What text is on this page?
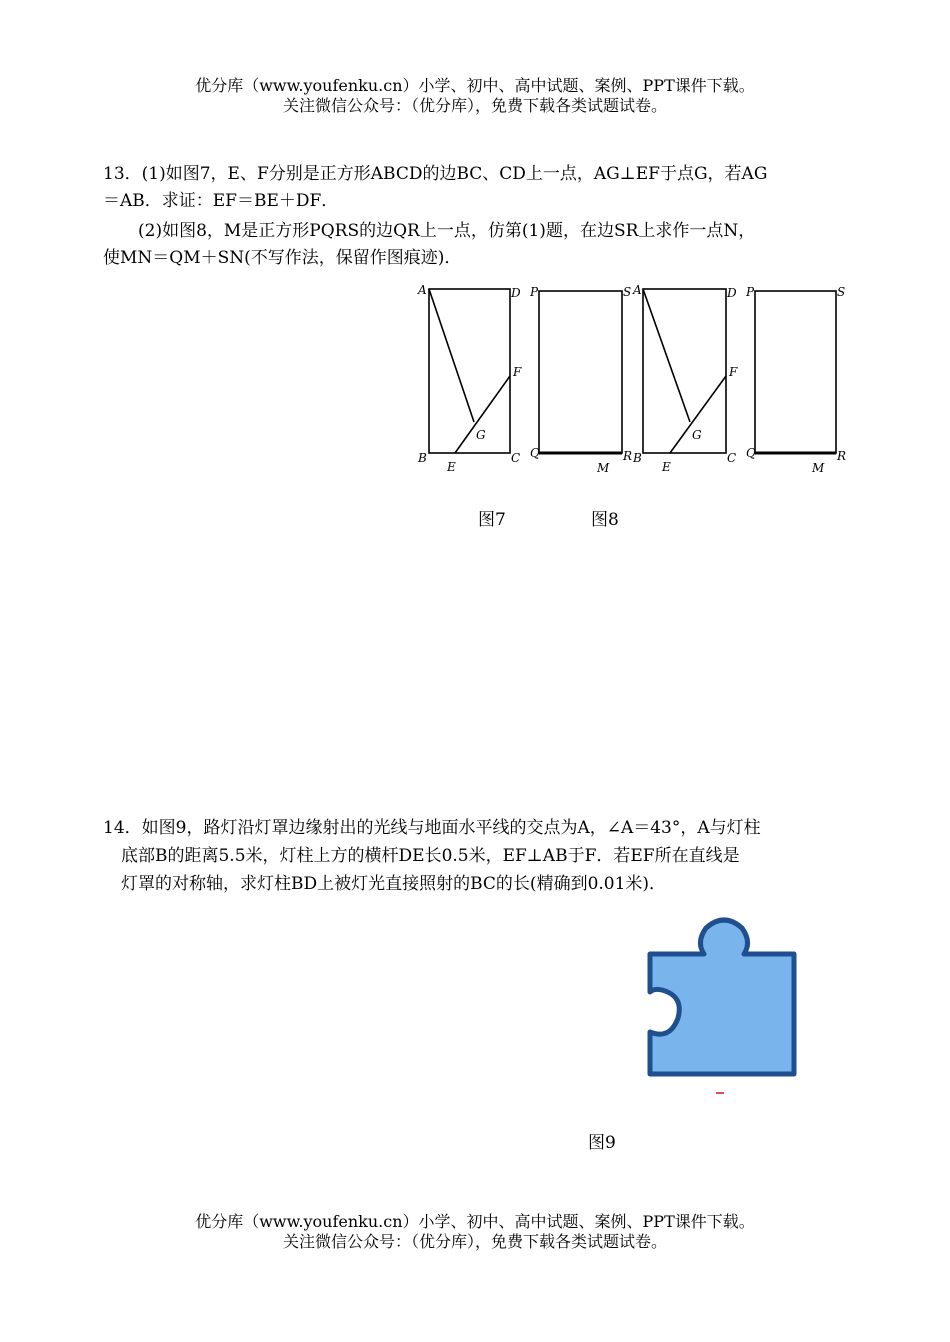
优分库（www.youfenku.cn）小学、初中、高中试题、案例、PPT课件下载。
关注微信公众号：（优分库），免费下载各类试题试卷。
13．(1)如图7，E、F分别是正方形ABCD的边BC、CD上一点，AG⊥EF于点G，若AG
＝AB．求证：EF＝BE＋DF．
(2)如图8，M是正方形PQRS的边QR上一点，仿第(1)题，在边SR上求作一点N，
使MN＝QM＋SN(不写作法，保留作图痕迹)．
A	D
F
G
B
E
C
P	S
Q	R
M
A	D
F
G
B
E
C
P	S
Q	R
M
图7	图8
14．如图9，路灯沿灯罩边缘射出的光线与地面水平线的交点为A，∠A＝43°，A与灯柱
底部B的距离5.5米，灯柱上方的横杆DE长0.5米，EF⊥AB于F．若EF所在直线是
灯罩的对称轴，求灯柱BD上被灯光直接照射的BC的长(精确到0.01米)．
图9
优分库（www.youfenku.cn）小学、初中、高中试题、案例、PPT课件下载。
关注微信公众号：（优分库），免费下载各类试题试卷。
